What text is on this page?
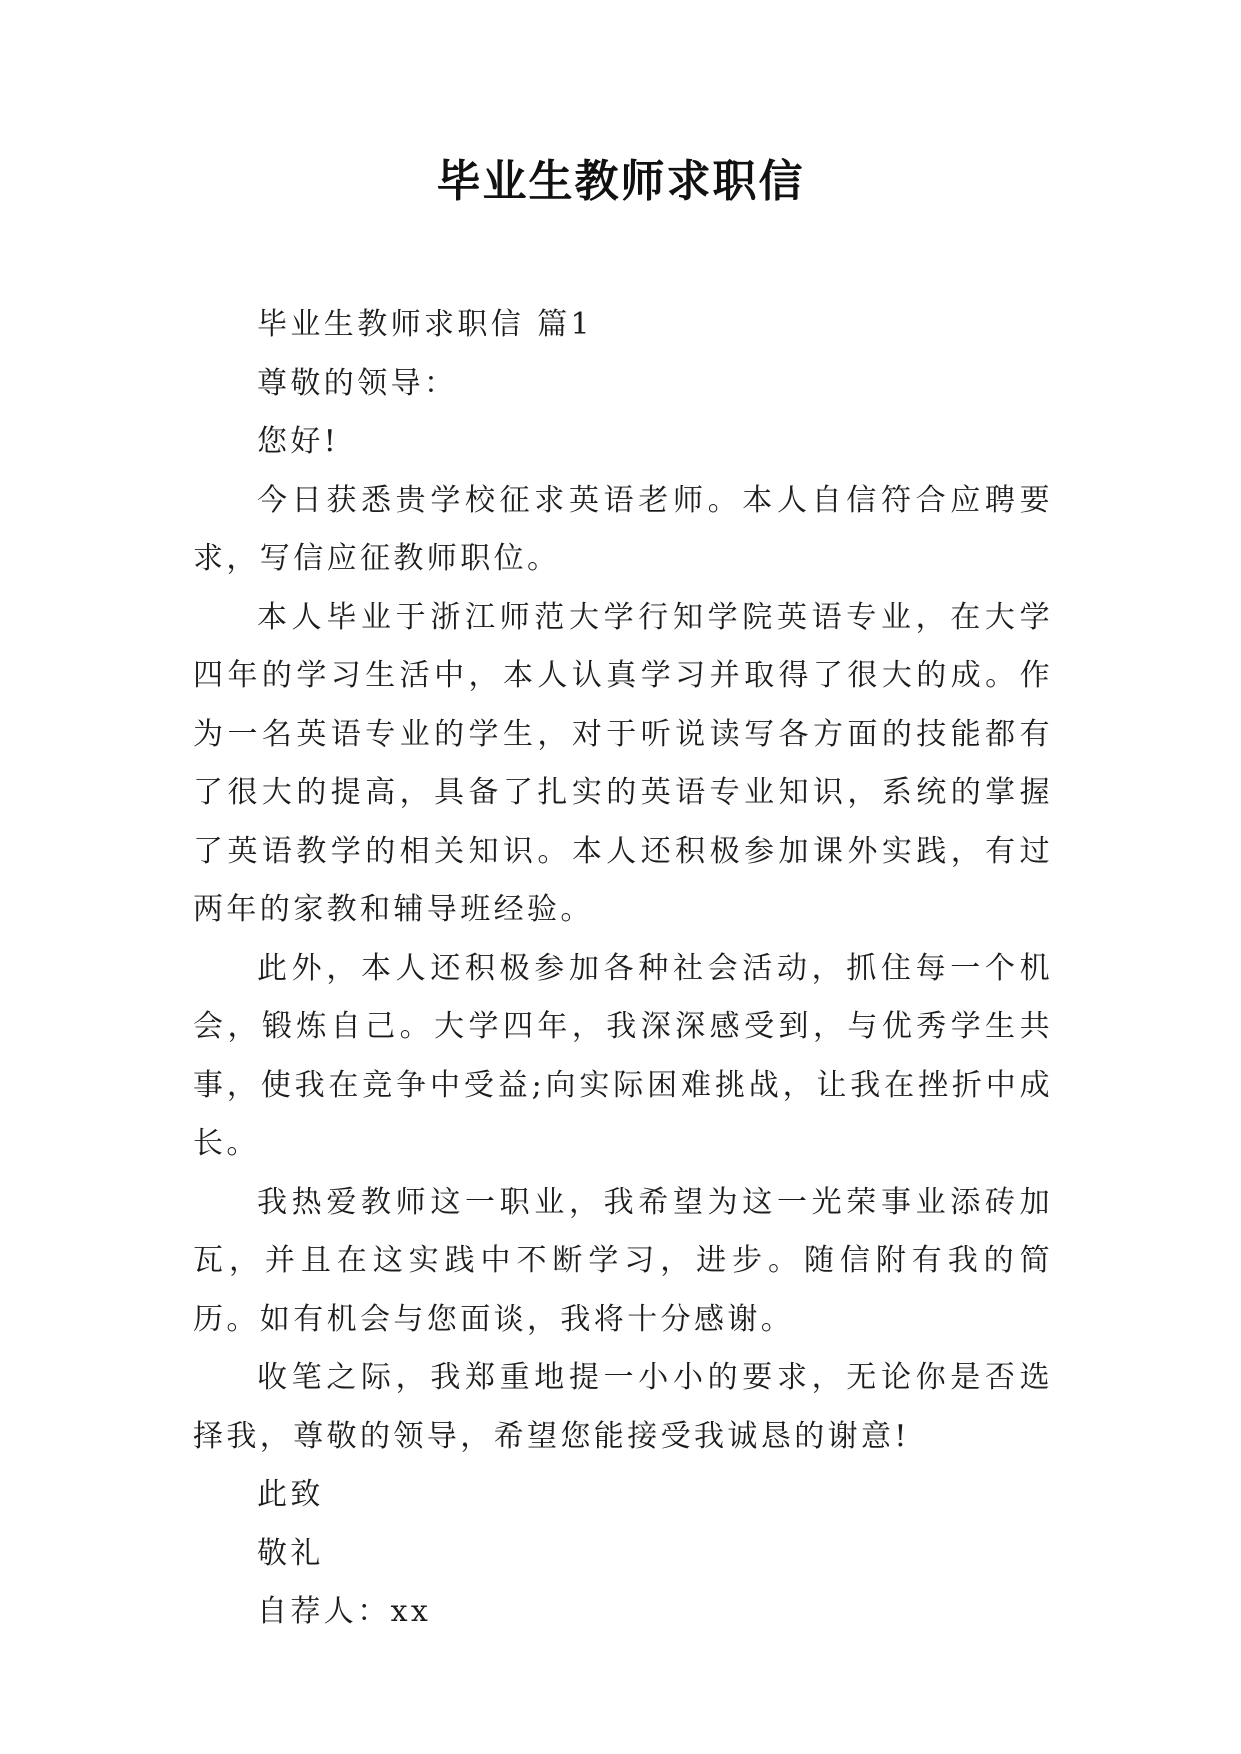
毕业生教师求职信

毕业生教师求职信 篇1

尊敬的领导：

您好!

今日获悉贵学校征求英语老师。本人自信符合应聘要求，写信应征教师职位。

本人毕业于浙江师范大学行知学院英语专业，在大学四年的学习生活中，本人认真学习并取得了很大的成。作为一名英语专业的学生，对于听说读写各方面的技能都有了很大的提高，具备了扎实的英语专业知识，系统的掌握了英语教学的相关知识。本人还积极参加课外实践，有过两年的家教和辅导班经验。

此外，本人还积极参加各种社会活动，抓住每一个机会，锻炼自己。大学四年，我深深感受到，与优秀学生共事，使我在竞争中受益;向实际困难挑战，让我在挫折中成长。

我热爱教师这一职业，我希望为这一光荣事业添砖加瓦，并且在这实践中不断学习，进步。随信附有我的简历。如有机会与您面谈，我将十分感谢。

收笔之际，我郑重地提一小小的要求，无论你是否选择我，尊敬的领导，希望您能接受我诚恳的谢意!

此致

敬礼

自荐人：xx
